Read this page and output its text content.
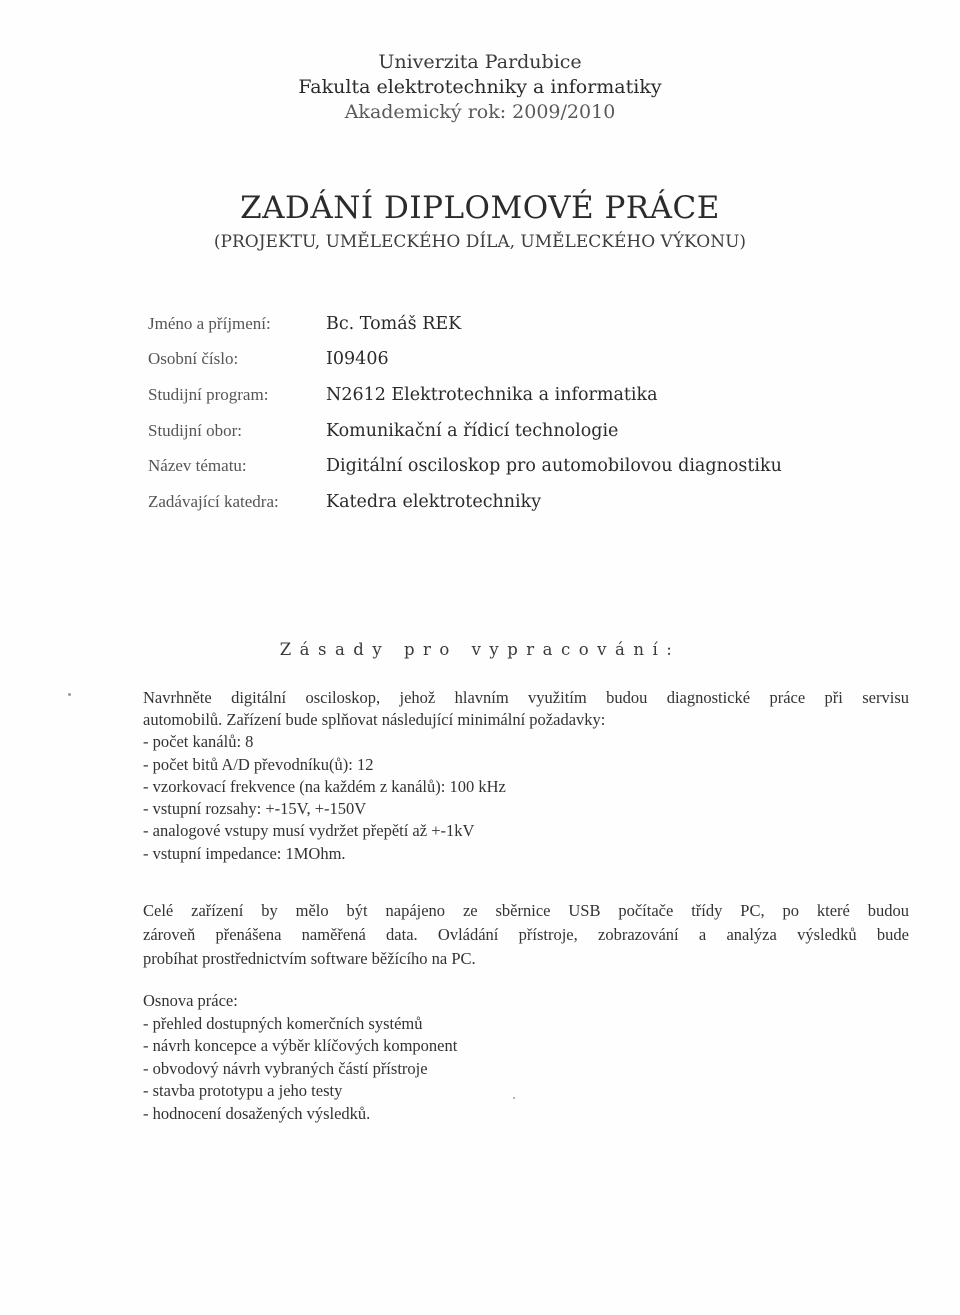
Univerzita Pardubice
Fakulta elektrotechniky a informatiky
Akademický rok: 2009/2010
ZADÁNÍ DIPLOMOVÉ PRÁCE
(PROJEKTU, UMĚLECKÉHO DÍLA, UMĚLECKÉHO VÝKONU)
Jméno a příjmení:	Bc. Tomáš REK
Osobní číslo:	I09406
Studijní program:	N2612 Elektrotechnika a informatika
Studijní obor:	Komunikační a řídicí technologie
Název tématu:	Digitální osciloskop pro automobilovou diagnostiku
Zadávající katedra:	Katedra elektrotechniky
Zásady pro vypracování:
Navrhněte digitální osciloskop, jehož hlavním využitím budou diagnostické práce při servisu
automobilů. Zařízení bude splňovat následující minimální požadavky:
- počet kanálů: 8
- počet bitů A/D převodníku(ů): 12
- vzorkovací frekvence (na každém z kanálů): 100 kHz
- vstupní rozsahy: +-15V, +-150V
- analogové vstupy musí vydržet přepětí až +-1kV
- vstupní impedance: 1MOhm.
Celé zařízení by mělo být napájeno ze sběrnice USB počítače třídy PC, po které budou
zároveň přenášena naměřená data. Ovládání přístroje, zobrazování a analýza výsledků bude
probíhat prostřednictvím software běžícího na PC.
Osnova práce:
- přehled dostupných komerčních systémů
- návrh koncepce a výběr klíčových komponent
- obvodový návrh vybraných částí přístroje
- stavba prototypu a jeho testy
- hodnocení dosažených výsledků.
